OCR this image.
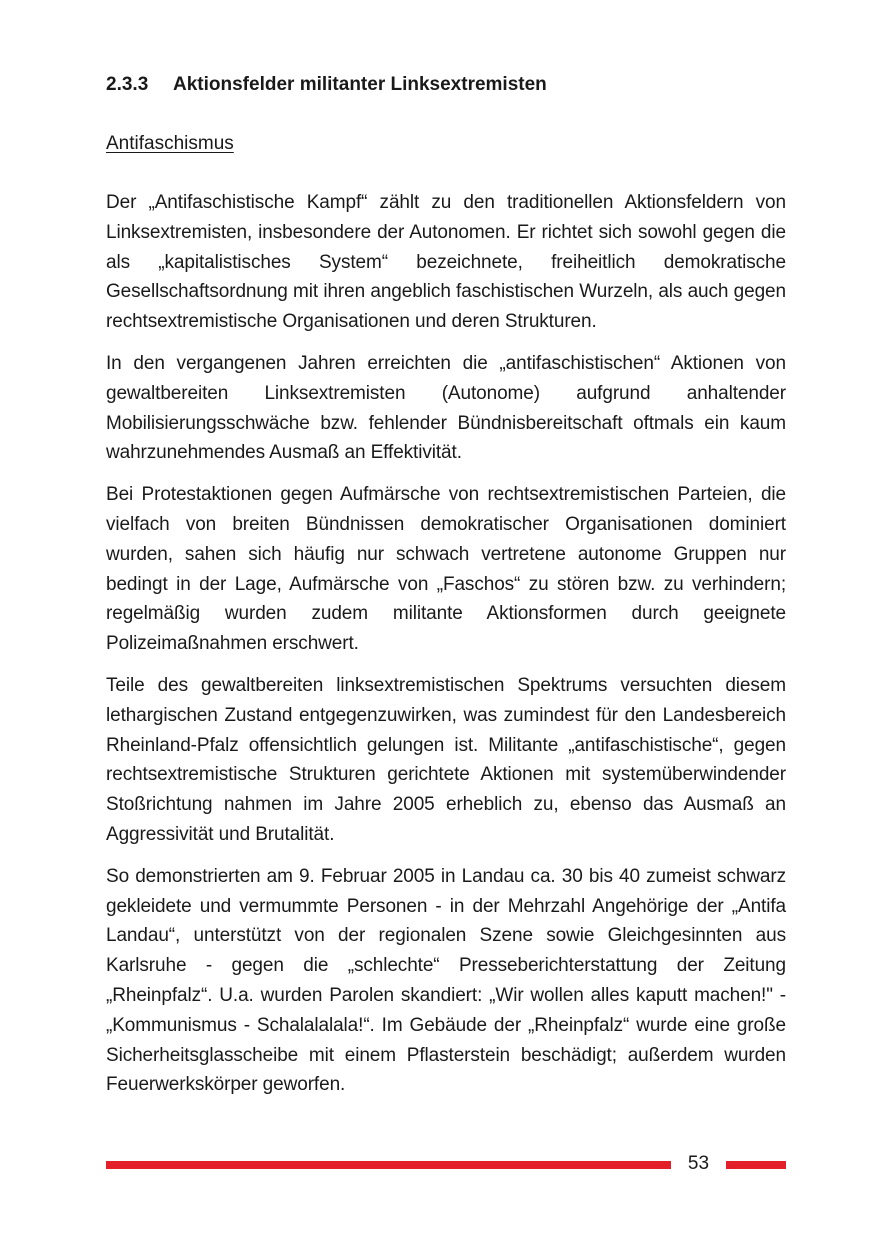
2.3.3 Aktionsfelder militanter Linksextremisten
Antifaschismus

Der „Antifaschistische Kampf“ zählt zu den traditionellen Aktionsfeldern von Linksextremisten, insbesondere der Autonomen. Er richtet sich sowohl gegen die als „kapitalistisches System“ bezeichnete, freiheitlich demokratische Gesellschaftsordnung mit ihren angeblich faschistischen Wurzeln, als auch gegen rechtsextremistische Organisationen und deren Strukturen.

In den vergangenen Jahren erreichten die „antifaschistischen“ Aktionen von gewaltbereiten Linksextremisten (Autonome) aufgrund anhaltender Mobilisierungsschwäche bzw. fehlender Bündnisbereitschaft oftmals ein kaum wahrzunehmendes Ausmaß an Effektivität.

Bei Protestaktionen gegen Aufmärsche von rechtsextremistischen Parteien, die vielfach von breiten Bündnissen demokratischer Organisationen dominiert wurden, sahen sich häufig nur schwach vertretene autonome Gruppen nur bedingt in der Lage, Aufmärsche von „Faschos“ zu stören bzw. zu verhindern; regelmäßig wurden zudem militante Aktionsformen durch geeignete Polizeimaßnahmen erschwert.

Teile des gewaltbereiten linksextremistischen Spektrums versuchten diesem lethargischen Zustand entgegenzuwirken, was zumindest für den Landesbereich Rheinland-Pfalz offensichtlich gelungen ist. Militante „antifaschistische“, gegen rechtsextremistische Strukturen gerichtete Aktionen mit systemüberwindender Stoßrichtung nahmen im Jahre 2005 erheblich zu, ebenso das Ausmaß an Aggressivität und Brutalität.

So demonstrierten am 9. Februar 2005 in Landau ca. 30 bis 40 zumeist schwarz gekleidete und vermummte Personen - in der Mehrzahl Angehörige der „Antifa Landau“, unterstützt von der regionalen Szene sowie Gleichgesinnten aus Karlsruhe - gegen die „schlechte“ Presseberichterstattung der Zeitung „Rheinpfalz“. U.a. wurden Parolen skandiert: „Wir wollen alles kaputt machen!" - „Kommunismus - Schalalalala!“. Im Gebäude der „Rheinpfalz“ wurde eine große Sicherheitsglasscheibe mit einem Pflasterstein beschädigt; außerdem wurden Feuerwerkskörper geworfen.

53
